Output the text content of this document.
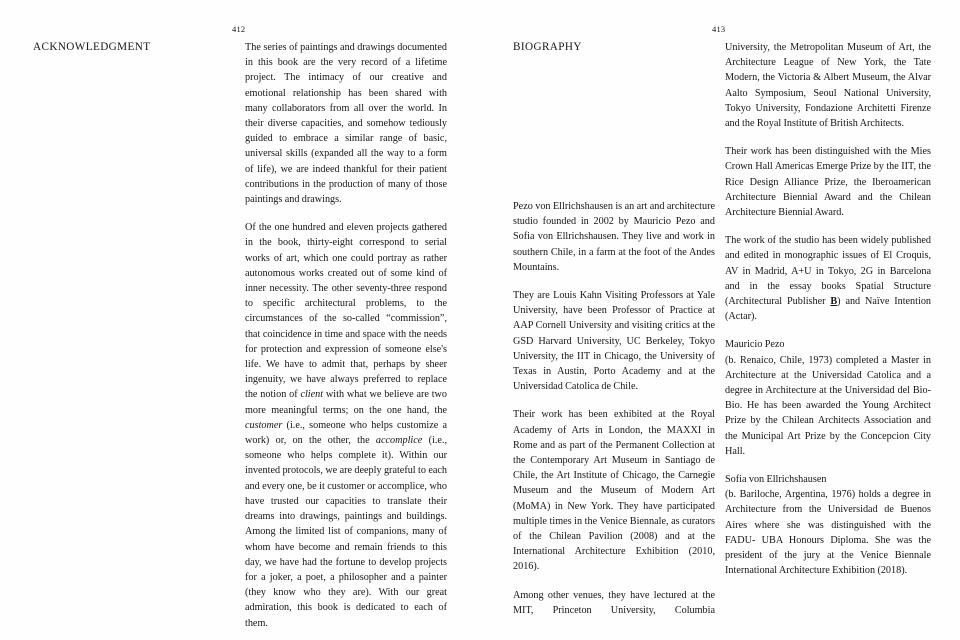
412
ACKNOWLEDGMENT	The series of paintings and drawings documented in this book are the very record of a lifetime project. The intimacy of our creative and emotional relationship has been shared with many collaborators from all over the world. In their diverse capacities, and somehow tediously guided to embrace a similar range of basic, universal skills (expanded all the way to a form of life), we are indeed thankful for their patient contributions in the production of many of those paintings and drawings.

Of the one hundred and eleven projects gathered in the book, thirty-eight correspond to serial works of art, which one could portray as rather autonomous works created out of some kind of inner necessity. The other seventy-three respond to specific architectural problems, to the circumstances of the so-called “commission”, that coincidence in time and space with the needs for protection and expression of someone else's life. We have to admit that, perhaps by sheer ingenuity, we have always preferred to replace the notion of client with what we believe are two more meaningful terms; on the one hand, the customer (i.e., someone who helps customize a work) or, on the other, the accomplice (i.e., someone who helps complete it). Within our invented protocols, we are deeply grateful to each and every one, be it customer or accomplice, who have trusted our capacities to translate their dreams into drawings, paintings and buildings. Among the limited list of companions, many of whom have become and remain friends to this day, we have had the fortune to develop projects for a joker, a poet, a philosopher and a painter (they know who they are). With our great admiration, this book is dedicated to each of them.

413
BIOGRAPHY

Pezo von Ellrichshausen is an art and architecture studio founded in 2002 by Mauricio Pezo and Sofia von Ellrichshausen. They live and work in southern Chile, in a farm at the foot of the Andes Mountains.

They are Louis Kahn Visiting Professors at Yale University, have been Professor of Practice at AAP Cornell University and visiting critics at the GSD Harvard University, UC Berkeley, Tokyo University, the IIT in Chicago, the University of Texas in Austin, Porto Academy and at the Universidad Catolica de Chile.

Their work has been exhibited at the Royal Academy of Arts in London, the MAXXI in Rome and as part of the Permanent Collection at the Contemporary Art Museum in Santiago de Chile, the Art Institute of Chicago, the Carnegie Museum and the Museum of Modern Art (MoMA) in New York. They have participated multiple times in the Venice Biennale, as curators of the Chilean Pavilion (2008) and at the International Architecture Exhibition (2010, 2016).

Among other venues, they have lectured at the MIT, Princeton University, Columbia

University, the Metropolitan Museum of Art, the Architecture League of New York, the Tate Modern, the Victoria & Albert Museum, the Alvar Aalto Symposium, Seoul National University, Tokyo University, Fondazione Architetti Firenze and the Royal Institute of British Architects.

Their work has been distinguished with the Mies Crown Hall Americas Emerge Prize by the IIT, the Rice Design Alliance Prize, the Iberoamerican Architecture Biennial Award and the Chilean Architecture Biennial Award.

The work of the studio has been widely published and edited in monographic issues of El Croquis, AV in Madrid, A+U in Tokyo, 2G in Barcelona and in the essay books Spatial Structure (Architectural Publisher B) and Naïve Intention (Actar).

Mauricio Pezo
(b. Renaico, Chile, 1973) completed a Master in Architecture at the Universidad Catolica and a degree in Architecture at the Universidad del Bio-Bio. He has been awarded the Young Architect Prize by the Chilean Architects Association and the Municipal Art Prize by the Concepcion City Hall.

Sofia von Ellrichshausen
(b. Bariloche, Argentina, 1976) holds a degree in Architecture from the Universidad de Buenos Aires where she was distinguished with the FADU- UBA Honours Diploma. She was the president of the jury at the Venice Biennale International Architecture Exhibition (2018).
